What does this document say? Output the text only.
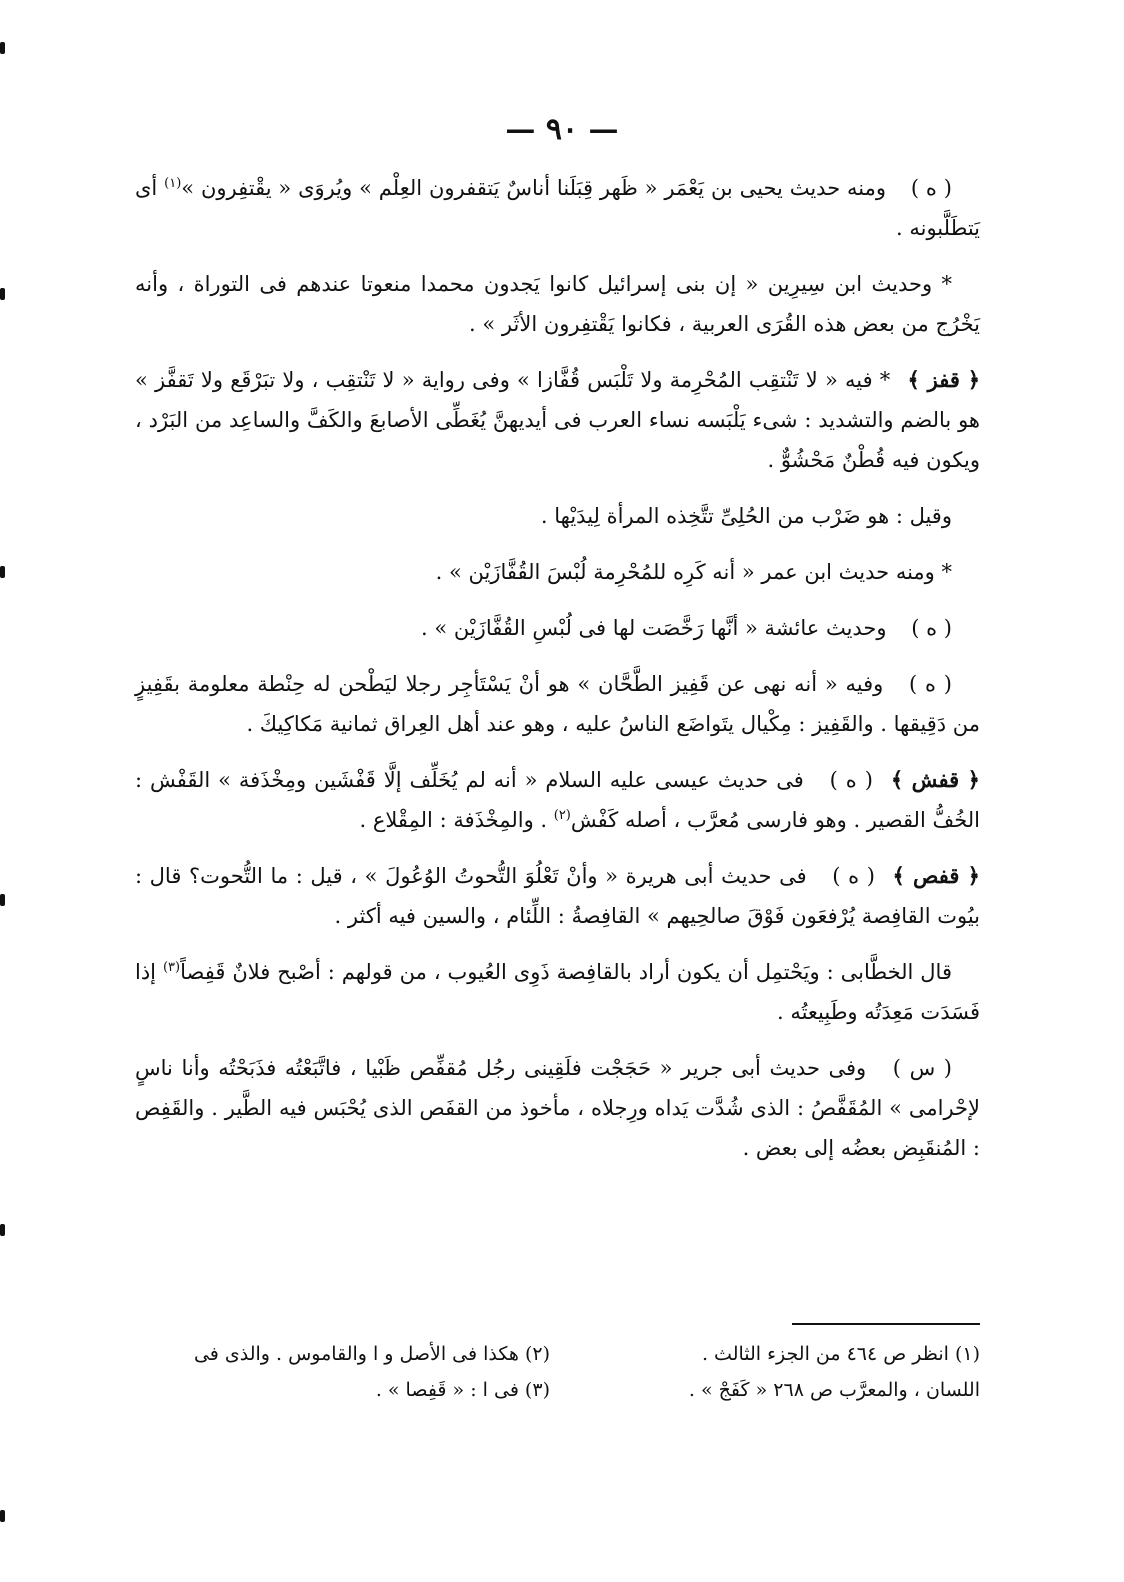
— ٩٠ —

( ه ) ومنه حديث يحيى بن يَعْمَر « ظَهر قِبَلَنا أناسٌ يَتقفرون العِلْم » ويُروَى « يقْتفِرون »$^{(١)}$ أى يَتطَلَّبونه .

* وحديث ابن سِيرِين « إن بنى إسرائيل كانوا يَجدون محمدا منعوتا عندهم فى التوراة ، وأنه يَخْرُج من بعض هذه القُرَى العربية ، فكانوا يَقْتفِرون الأثَر » .

﴿ قفز ﴾ * فيه « لا تَنْتقِب المُحْرِمة ولا تَلْبَس قُفَّازا » وفى رواية « لا تَنْتقِب ، ولا تبَرْقَع ولا تَقفَّز » هو بالضم والتشديد : شىء يَلْبَسه نساء العرب فى أيديهنَّ يُغَطِّى الأصابعَ والكَفَّ والساعِد من البَرْد ، ويكون فيه قُطْنٌ مَحْشُوٌّ .

وقيل : هو ضَرْب من الحُلِىِّ تتَّخِذه المرأة لِيدَيْها .

* ومنه حديث ابن عمر « أنه كَرِه للمُحْرِمة لُبْسَ القُفَّازَيْن » .

( ه ) وحديث عائشة « أنَّها رَخَّصَت لها فى لُبْسِ القُفَّازَيْن » .

( ه ) وفيه « أنه نهى عن قَفِيز الطَّحَّان » هو أنْ يَسْتَأجِر رجلا ليَطْحن له حِنْطة معلومة بقَفِيزٍ من دَقِيقها . والقَفِيز : مِكْيال يتَواضَع الناسُ عليه ، وهو عند أهل العِراق ثمانية مَكاكِيكَ .

﴿ قفش ﴾ ( ه ) فى حديث عيسى عليه السلام « أنه لم يُخَلِّف إلَّا قَفْشَين ومِخْذَفة » القَفْش : الخُفُّ القصير . وهو فارسى مُعرَّب ، أصله كَفْش$^{(٢)}$ . والمِخْذَفة : المِقْلاع .

﴿ قفص ﴾ ( ه ) فى حديث أبى هريرة « وأنْ تَعْلُوَ التُّحوتُ الوُعُولَ » ، قيل : ما التُّحوت؟ قال : بيُوت القافِصة يُرْفعَون فَوْقَ صالحِيهم » القافِصةُ : اللِّئام ، والسين فيه أكثر .

قال الخطَّابى : ويَحْتمِل أن يكون أراد بالقافِصة ذَوِى العُيوب ، من قولهم : أصْبح فلانٌ قَفِصاً$^{(٣)}$ إذا فَسَدَت مَعِدَتُه وطَبِيعتُه .

( س ) وفى حديث أبى جرير « حَجَجْت فلَقِينى رجُل مُقفِّص ظَبْيا ، فاتَّبَعْتُه فذَبَحْتُه وأنا ناسٍ لإحْرامى » المُقَفَّصُ : الذى شُدَّت يَداه ورِجلاه ، مأخوذ من القفَص الذى يُحْبَس فيه الطَّير . والقَفِص : المُنقَبِض بعضُه إلى بعض .

(١) انظر ص ٤٦٤ من الجزء الثالث .
اللسان ، والمعرَّب ص ٢٦٨ « كَفَجْ » .
(٢) هكذا فى الأصل و ا والقاموس . والذى فى
(٣) فى ا : « قَفِصا » .
